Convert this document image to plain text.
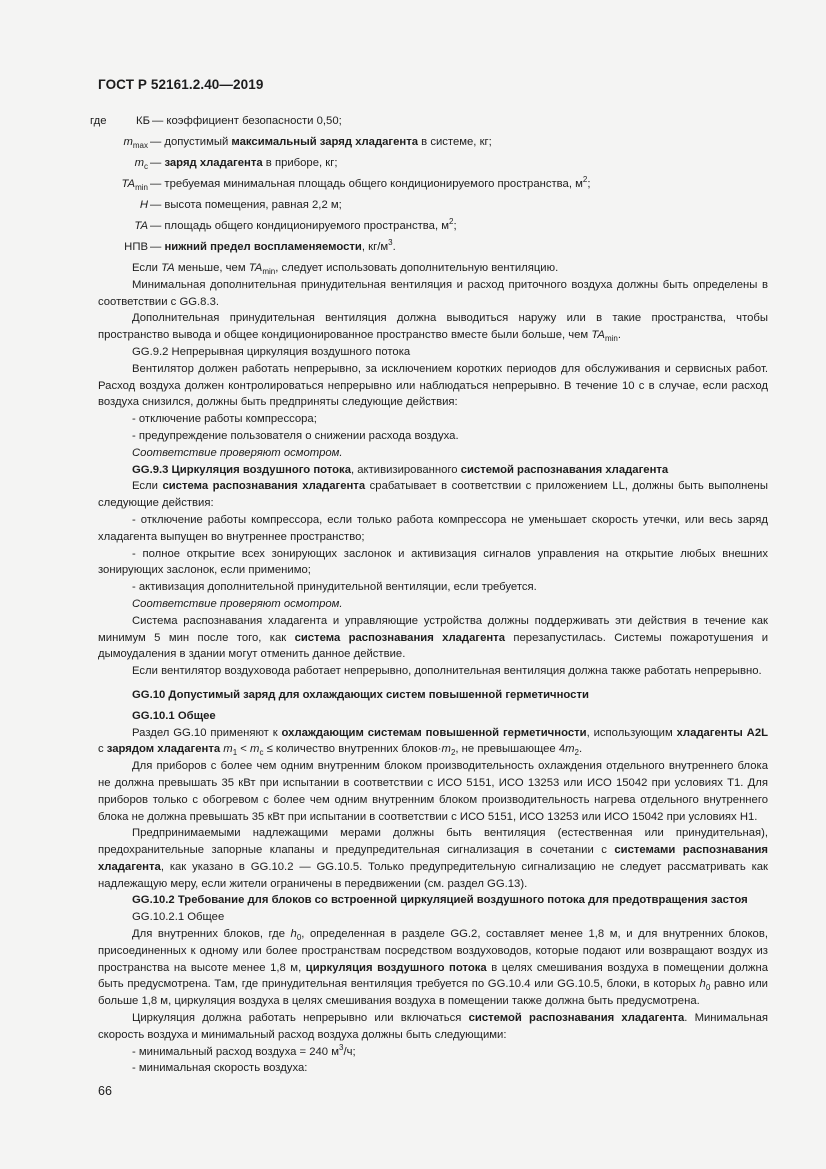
ГОСТ Р 52161.2.40—2019
где	КБ — коэффициент безопасности 0,50;
$m_{max}$ — допустимый максимальный заряд хладагента в системе, кг;
$m_c$ — заряд хладагента в приборе, кг;
$TA_{min}$ — требуемая минимальная площадь общего кондиционируемого пространства, $м^2$;
H — высота помещения, равная 2,2 м;
TA — площадь общего кондиционируемого пространства, $м^2$;
НПВ — нижний предел воспламеняемости, $кг/м^3$.

Если TA меньше, чем $TA_{min}$, следует использовать дополнительную вентиляцию.

Минимальная дополнительная принудительная вентиляция и расход приточного воздуха должны быть определены в соответствии с GG.8.3.

Дополнительная принудительная вентиляция должна выводиться наружу или в такие пространства, чтобы пространство вывода и общее кондиционированное пространство вместе были больше, чем $TA_{min}$.

GG.9.2 Непрерывная циркуляция воздушного потока

Вентилятор должен работать непрерывно, за исключением коротких периодов для обслуживания и сервисных работ. Расход воздуха должен контролироваться непрерывно или наблюдаться непрерывно. В течение 10 с в случае, если расход воздуха снизился, должны быть предприняты следующие действия:

- отключение работы компрессора;

- предупреждение пользователя о снижении расхода воздуха.

Соответствие проверяют осмотром.

GG.9.3 Циркуляция воздушного потока, активизированного системой распознавания хладагента

Если система распознавания хладагента срабатывает в соответствии с приложением LL, должны быть выполнены следующие действия:

- отключение работы компрессора, если только работа компрессора не уменьшает скорость утечки, или весь заряд хладагента выпущен во внутреннее пространство;

- полное открытие всех зонирующих заслонок и активизация сигналов управления на открытие любых внешних зонирующих заслонок, если применимо;

- активизация дополнительной принудительной вентиляции, если требуется.

Соответствие проверяют осмотром.

Система распознавания хладагента и управляющие устройства должны поддерживать эти действия в течение как минимум 5 мин после того, как система распознавания хладагента перезапустилась. Системы пожаротушения и дымоудаления в здании могут отменить данное действие.

Если вентилятор воздуховода работает непрерывно, дополнительная вентиляция должна также работать непрерывно.

GG.10 Допустимый заряд для охлаждающих систем повышенной герметичности

GG.10.1 Общее

Раздел GG.10 применяют к охлаждающим системам повышенной герметичности, использующим хладагенты A2L с зарядом хладагента $m_1 < m_c$ ≤ количество внутренних $блоков\cdot m_2$, не превышающее $4m_2$.

Для приборов с более чем одним внутренним блоком производительность охлаждения отдельного внутреннего блока не должна превышать 35 кВт при испытании в соответствии с ИСО 5151, ИСО 13253 или ИСО 15042 при условиях T1. Для приборов только с обогревом с более чем одним внутренним блоком производительность нагрева отдельного внутреннего блока не должна превышать 35 кВт при испытании в соответствии с ИСО 5151, ИСО 13253 или ИСО 15042 при условиях H1.

Предпринимаемыми надлежащими мерами должны быть вентиляция (естественная или принудительная), предохранительные запорные клапаны и предупредительная сигнализация в сочетании с системами распознавания хладагента, как указано в GG.10.2 — GG.10.5. Только предупредительную сигнализацию не следует рассматривать как надлежащую меру, если жители ограничены в передвижении (см. раздел GG.13).

GG.10.2 Требование для блоков со встроенной циркуляцией воздушного потока для предотвращения застоя

GG.10.2.1 Общее

Для внутренних блоков, где $h_0$, определенная в разделе GG.2, составляет менее 1,8 м, и для внутренних блоков, присоединенных к одному или более пространствам посредством воздуховодов, которые подают или возвращают воздух из пространства на высоте менее 1,8 м, циркуляция воздушного потока в целях смешивания воздуха в помещении должна быть предусмотрена. Там, где принудительная вентиляция требуется по GG.10.4 или GG.10.5, блоки, в которых $h_0$ равно или больше 1,8 м, циркуляция воздуха в целях смешивания воздуха в помещении также должна быть предусмотрена.

Циркуляция должна работать непрерывно или включаться системой распознавания хладагента. Минимальная скорость воздуха и минимальный расход воздуха должны быть следующими:

- минимальный расход воздуха = 240 $м^3/ч$;

- минимальная скорость воздуха:

66
